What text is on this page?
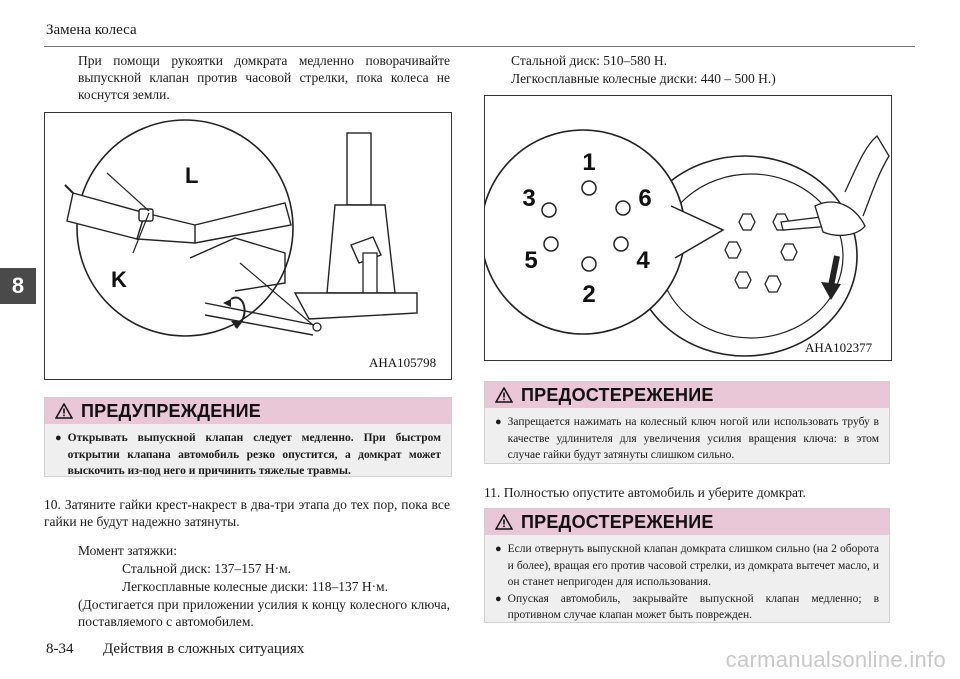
Замена колеса
8
При помощи рукоятки домкрата медленно поворачивайте выпускной клапан против часовой стрелки, пока колеса не коснутся земли.
L
K
AHA105798
ПРЕДУПРЕЖДЕНИЕ
● Открывать выпускной клапан следует медленно. При быстром открытии клапана автомобиль резко опустится, а домкрат может выскочить из-под него и причинить тяжелые травмы.
10. Затяните гайки крест-накрест в два-три этапа до тех пор, пока все гайки не будут надежно затянуты.
Момент затяжки:
Стальной диск: 137–157 Н·м.
Легкосплавные колесные диски: 118–137 Н·м.
(Достигается при приложении усилия к концу колесного ключа, поставляемого с автомобилем.
Стальной диск: 510–580 Н.
Легкосплавные колесные диски: 440 – 500 Н.)
1
2
3
4
5
6
AHA102377
ПРЕДОСТЕРЕЖЕНИЕ
● Запрещается нажимать на колесный ключ ногой или использовать трубу в качестве удлинителя для увеличения усилия вращения ключа: в этом случае гайки будут затянуты слишком сильно.
11. Полностью опустите автомобиль и уберите домкрат.
ПРЕДОСТЕРЕЖЕНИЕ
● Если отвернуть выпускной клапан домкрата слишком сильно (на 2 оборота и более), вращая его против часовой стрелки, из домкрата вытечет масло, и он станет непригоден для использования.
● Опуская автомобиль, закрывайте выпускной клапан медленно; в противном случае клапан может быть поврежден.
8-34 Действия в сложных ситуациях	carmanualsonline.info
